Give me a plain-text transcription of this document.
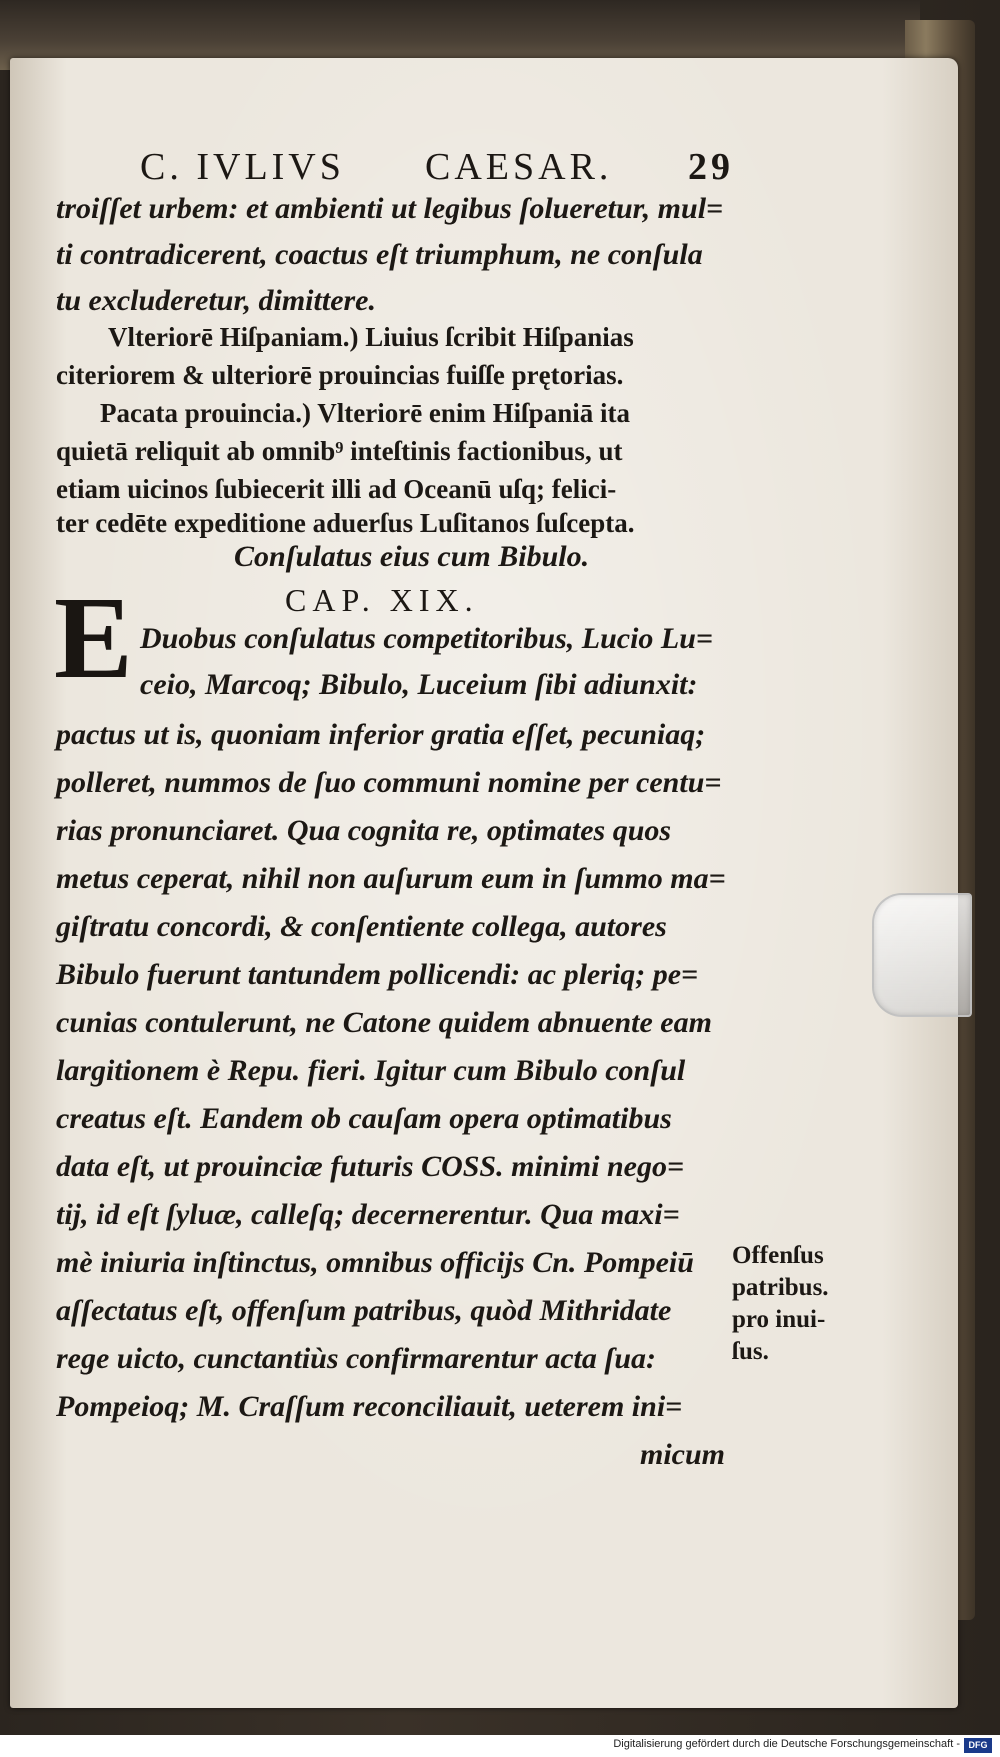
C. IVLIVS CAESAR. 29
troiſſet urbem: et ambienti ut legibus ſolueretur, mul=
ti contradicerent, coactus eſt triumphum, ne conſula
tu excluderetur, dimittere.
Vlteriorē Hiſpaniam.) Liuius ſcribit Hiſpanias
citeriorem & ulteriorē prouincias fuiſſe prętorias.
Pacata prouincia.) Vlteriorē enim Hiſpaniā ita
quietā reliquit ab omnib⁹ inteſtinis factionibus, ut
etiam uicinos ſubiecerit illi ad Oceanū uſq; felici-
ter cedēte expeditione aduerſus Luſitanos ſuſcepta.
Conſulatus eius cum Bibulo.
CAP. XIX.
E Duobus conſulatus competitoribus, Lucio Lu=
ceio, Marcoq; Bibulo, Luceium ſibi adiunxit:
pactus ut is, quoniam inferior gratia eſſet, pecuniaq;
polleret, nummos de ſuo communi nomine per centu=
rias pronunciaret. Qua cognita re, optimates quos
metus ceperat, nihil non auſurum eum in ſummo ma=
giſtratu concordi, & conſentiente collega, autores
Bibulo fuerunt tantundem pollicendi: ac pleriq; pe=
cunias contulerunt, ne Catone quidem abnuente eam
largitionem è Repu. fieri. Igitur cum Bibulo conſul
creatus eſt. Eandem ob cauſam opera optimatibus
data eſt, ut prouinciæ futuris COSS. minimi nego=
tij, id eſt ſyluæ, calleſq; decernerentur. Qua maxi=
mè iniuria inſtinctus, omnibus officijs Cn. Pompeiū
aſſectatus eſt, offenſum patribus, quòd Mithridate
rege uicto, cunctantiùs confirmarentur acta ſua:
Pompeioq; M. Craſſum reconciliauit, ueterem ini=
micum
Offenſus
patribus.
pro inui-
ſus.
Digitalisierung gefördert durch die Deutsche Forschungsgemeinschaft - DFG
